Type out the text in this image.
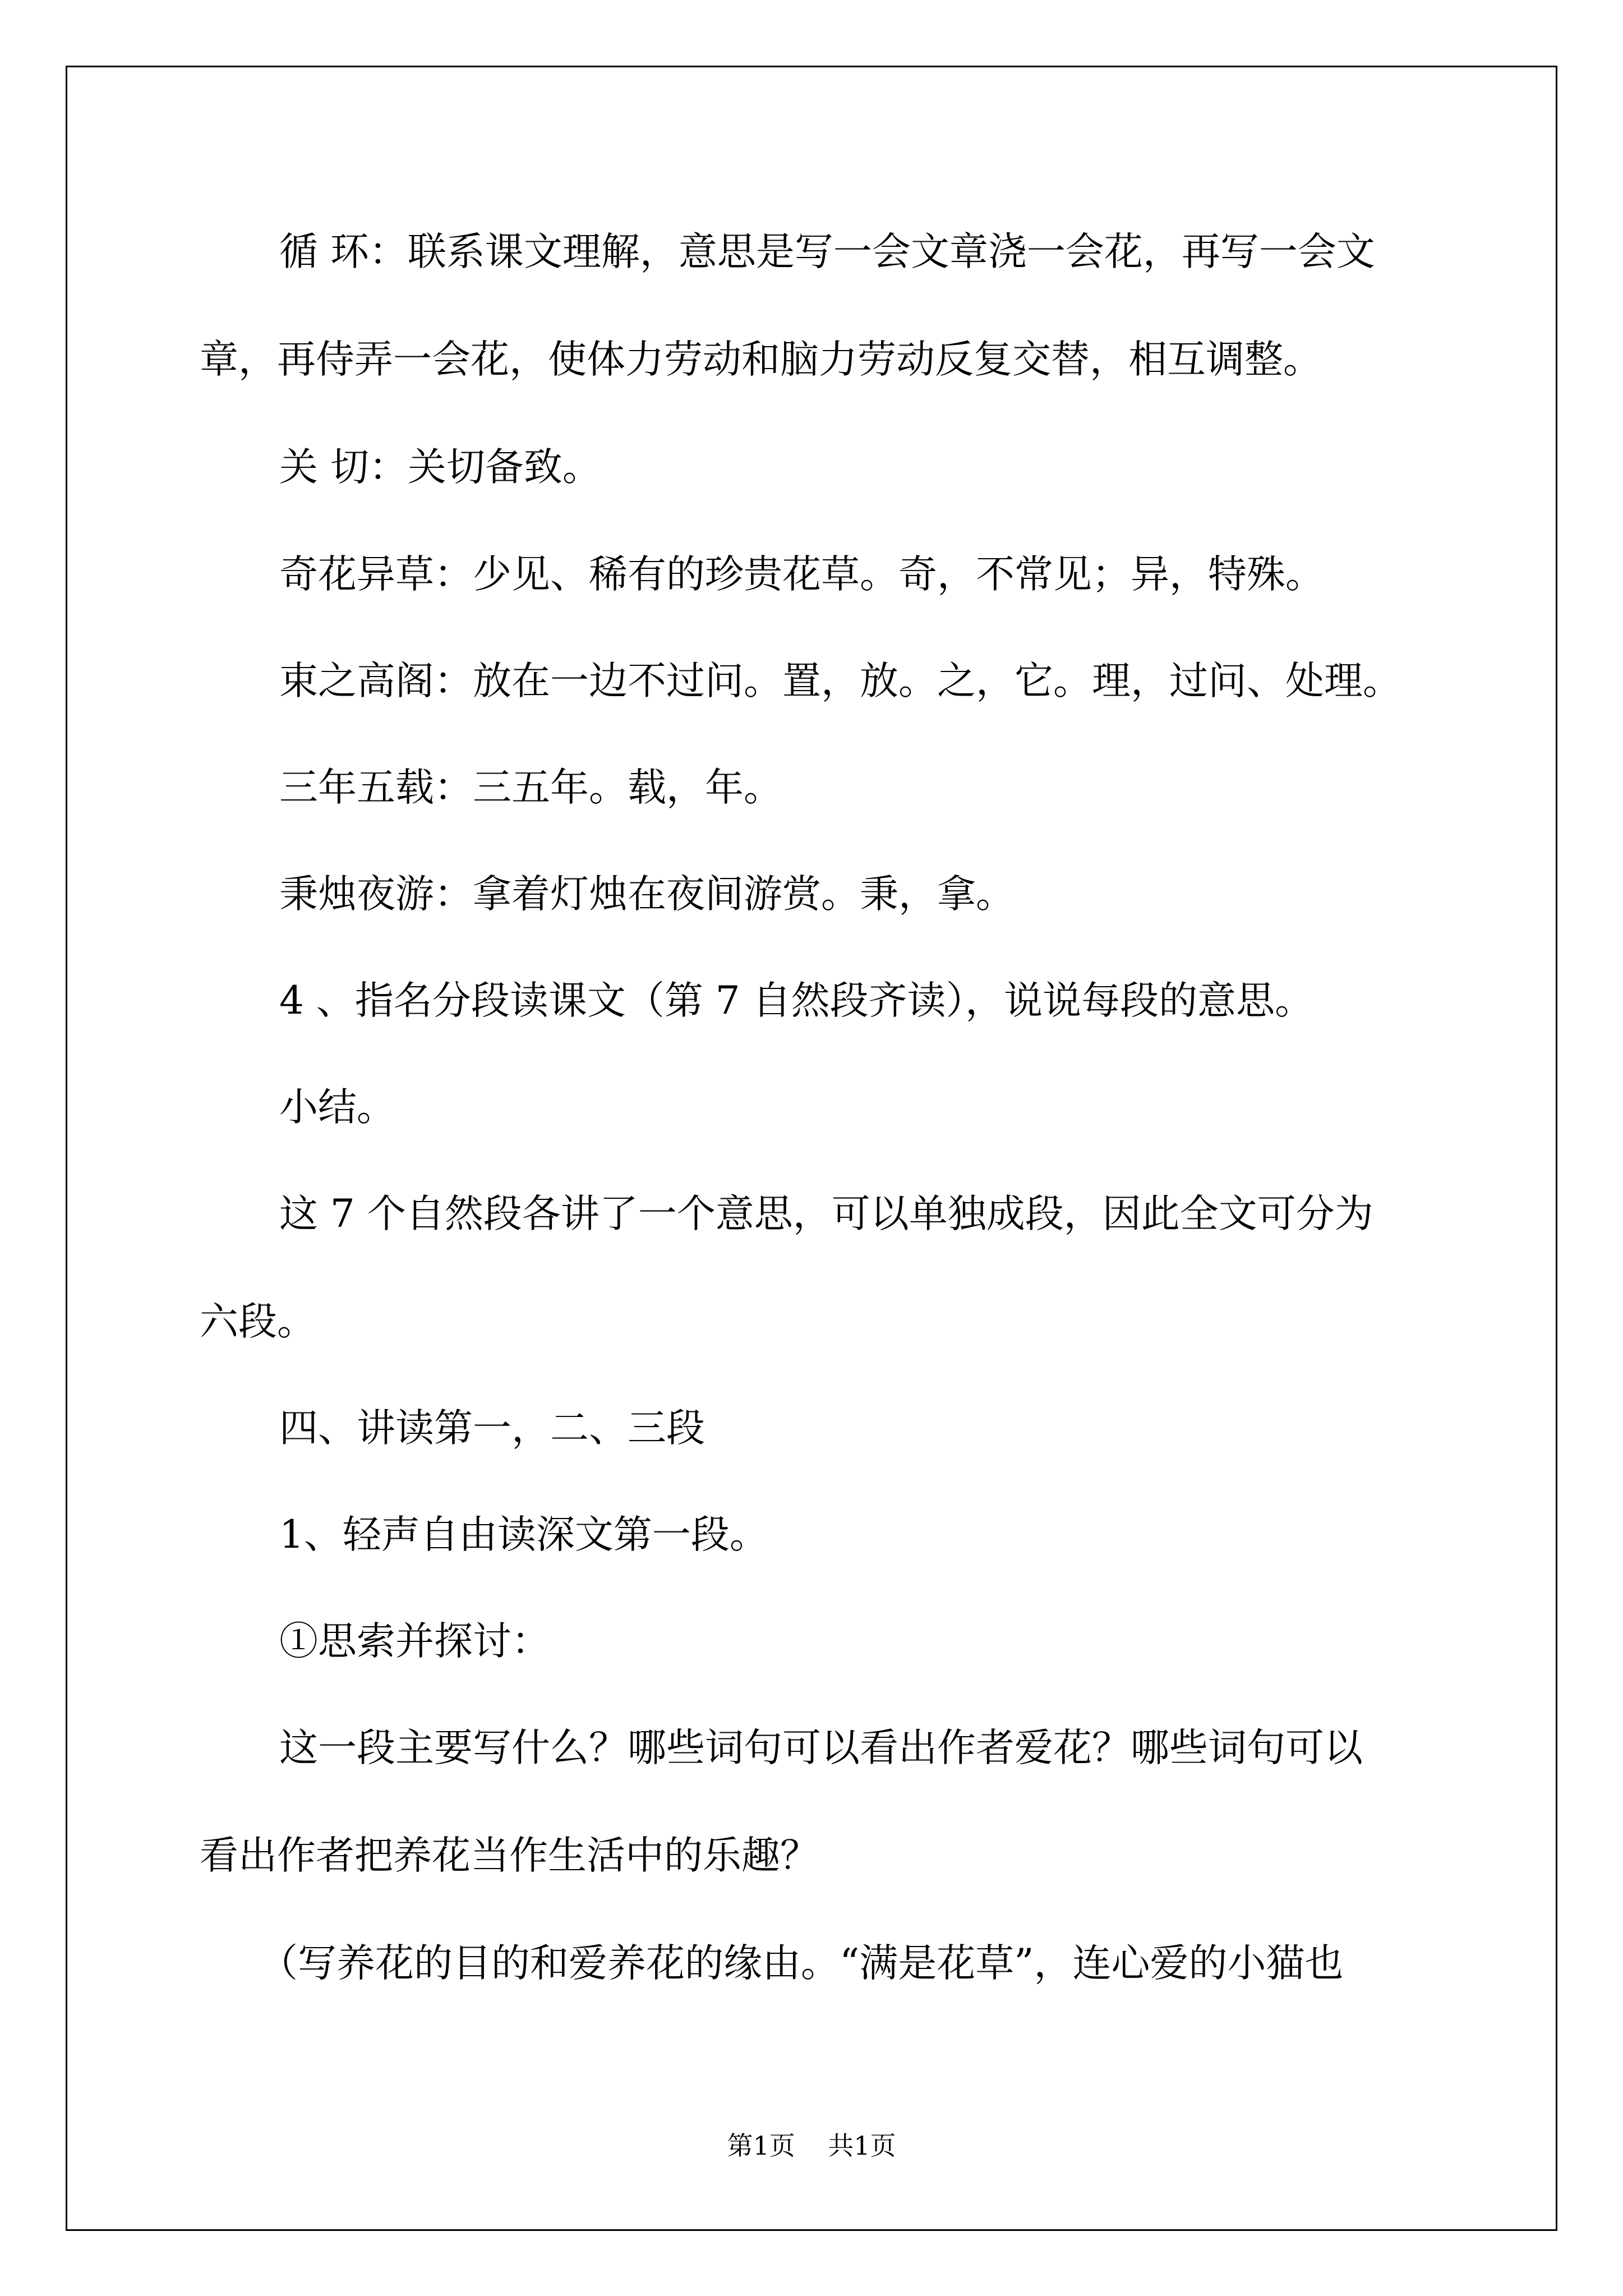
循 环：联系课文理解，意思是写一会文章浇一会花，再写一会文
章，再侍弄一会花，使体力劳动和脑力劳动反复交替，相互调整。
关 切：关切备致。
奇花异草：少见、稀有的珍贵花草。奇，不常见；异，特殊。
束之高阁：放在一边不过问。置，放。之，它。理，过问、处理。
三年五载：三五年。载，年。
秉烛夜游：拿着灯烛在夜间游赏。秉，拿。
4 、指名分段读课文（第 7 自然段齐读），说说每段的意思。
小结。
这 7 个自然段各讲了一个意思，可以单独成段，因此全文可分为
六段。
四、讲读第一，二、三段
1、轻声自由读深文第一段。
①思索并探讨：
这一段主要写什么？哪些词句可以看出作者爱花？哪些词句可以
看出作者把养花当作生活中的乐趣？
（写养花的目的和爱养花的缘由。“满是花草”，连心爱的小猫也
第1页    共1页
